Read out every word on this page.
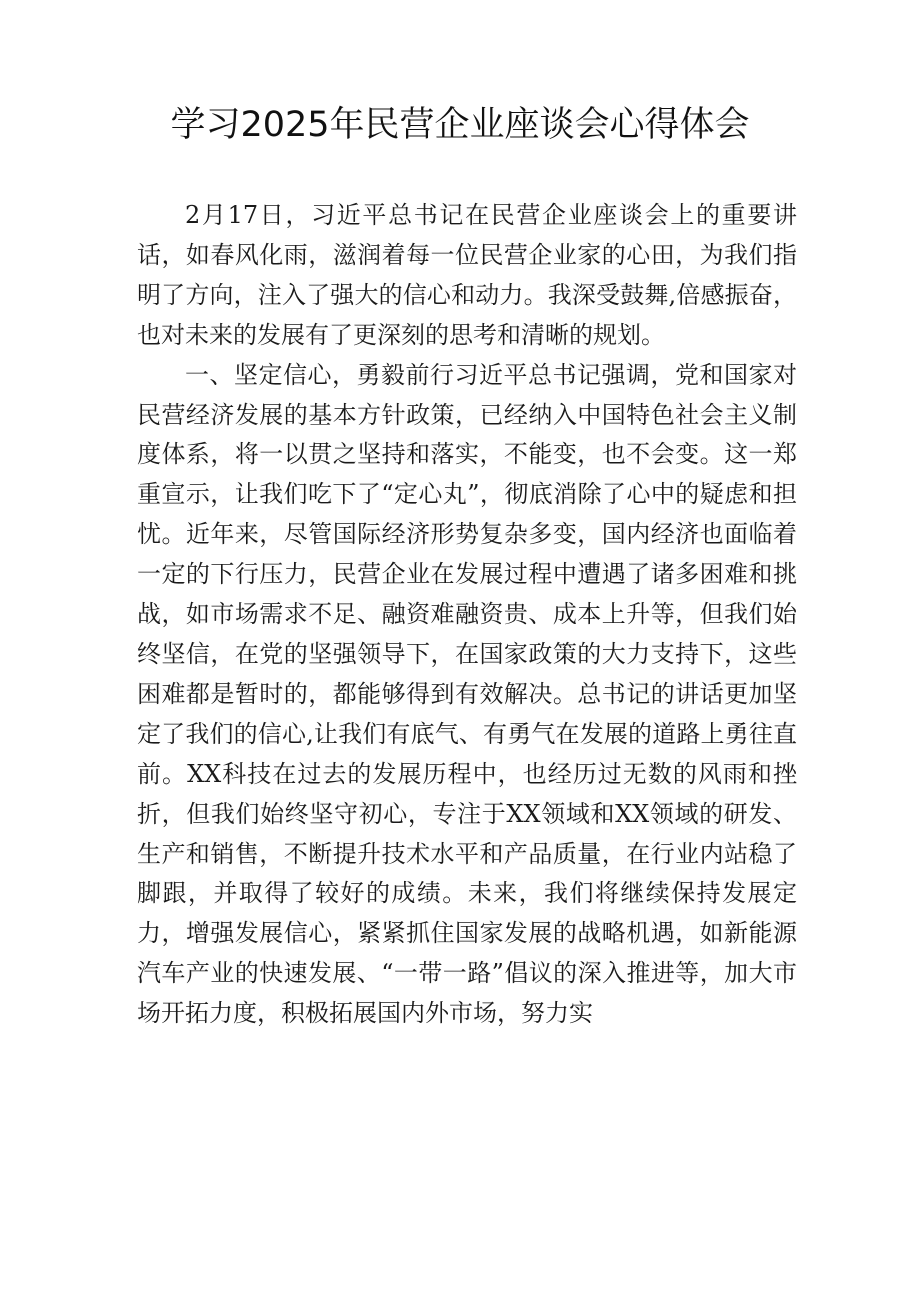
学习2025年民营企业座谈会心得体会

2月17日，习近平总书记在民营企业座谈会上的重要讲话，如春风化雨，滋润着每一位民营企业家的心田，为我们指明了方向，注入了强大的信心和动力。我深受鼓舞,倍感振奋，也对未来的发展有了更深刻的思考和清晰的规划。

一、坚定信心，勇毅前行习近平总书记强调，党和国家对民营经济发展的基本方针政策，已经纳入中国特色社会主义制度体系，将一以贯之坚持和落实，不能变，也不会变。这一郑重宣示，让我们吃下了“定心丸”，彻底消除了心中的疑虑和担忧。近年来，尽管国际经济形势复杂多变，国内经济也面临着一定的下行压力，民营企业在发展过程中遭遇了诸多困难和挑战，如市场需求不足、融资难融资贵、成本上升等，但我们始终坚信，在党的坚强领导下，在国家政策的大力支持下，这些困难都是暂时的，都能够得到有效解决。总书记的讲话更加坚定了我们的信心,让我们有底气、有勇气在发展的道路上勇往直前。XX科技在过去的发展历程中，也经历过无数的风雨和挫折，但我们始终坚守初心，专注于XX领域和XX领域的研发、生产和销售，不断提升技术水平和产品质量，在行业内站稳了脚跟，并取得了较好的成绩。未来，我们将继续保持发展定力，增强发展信心，紧紧抓住国家发展的战略机遇，如新能源汽车产业的快速发展、“一带一路”倡议的深入推进等，加大市场开拓力度，积极拓展国内外市场，努力实
